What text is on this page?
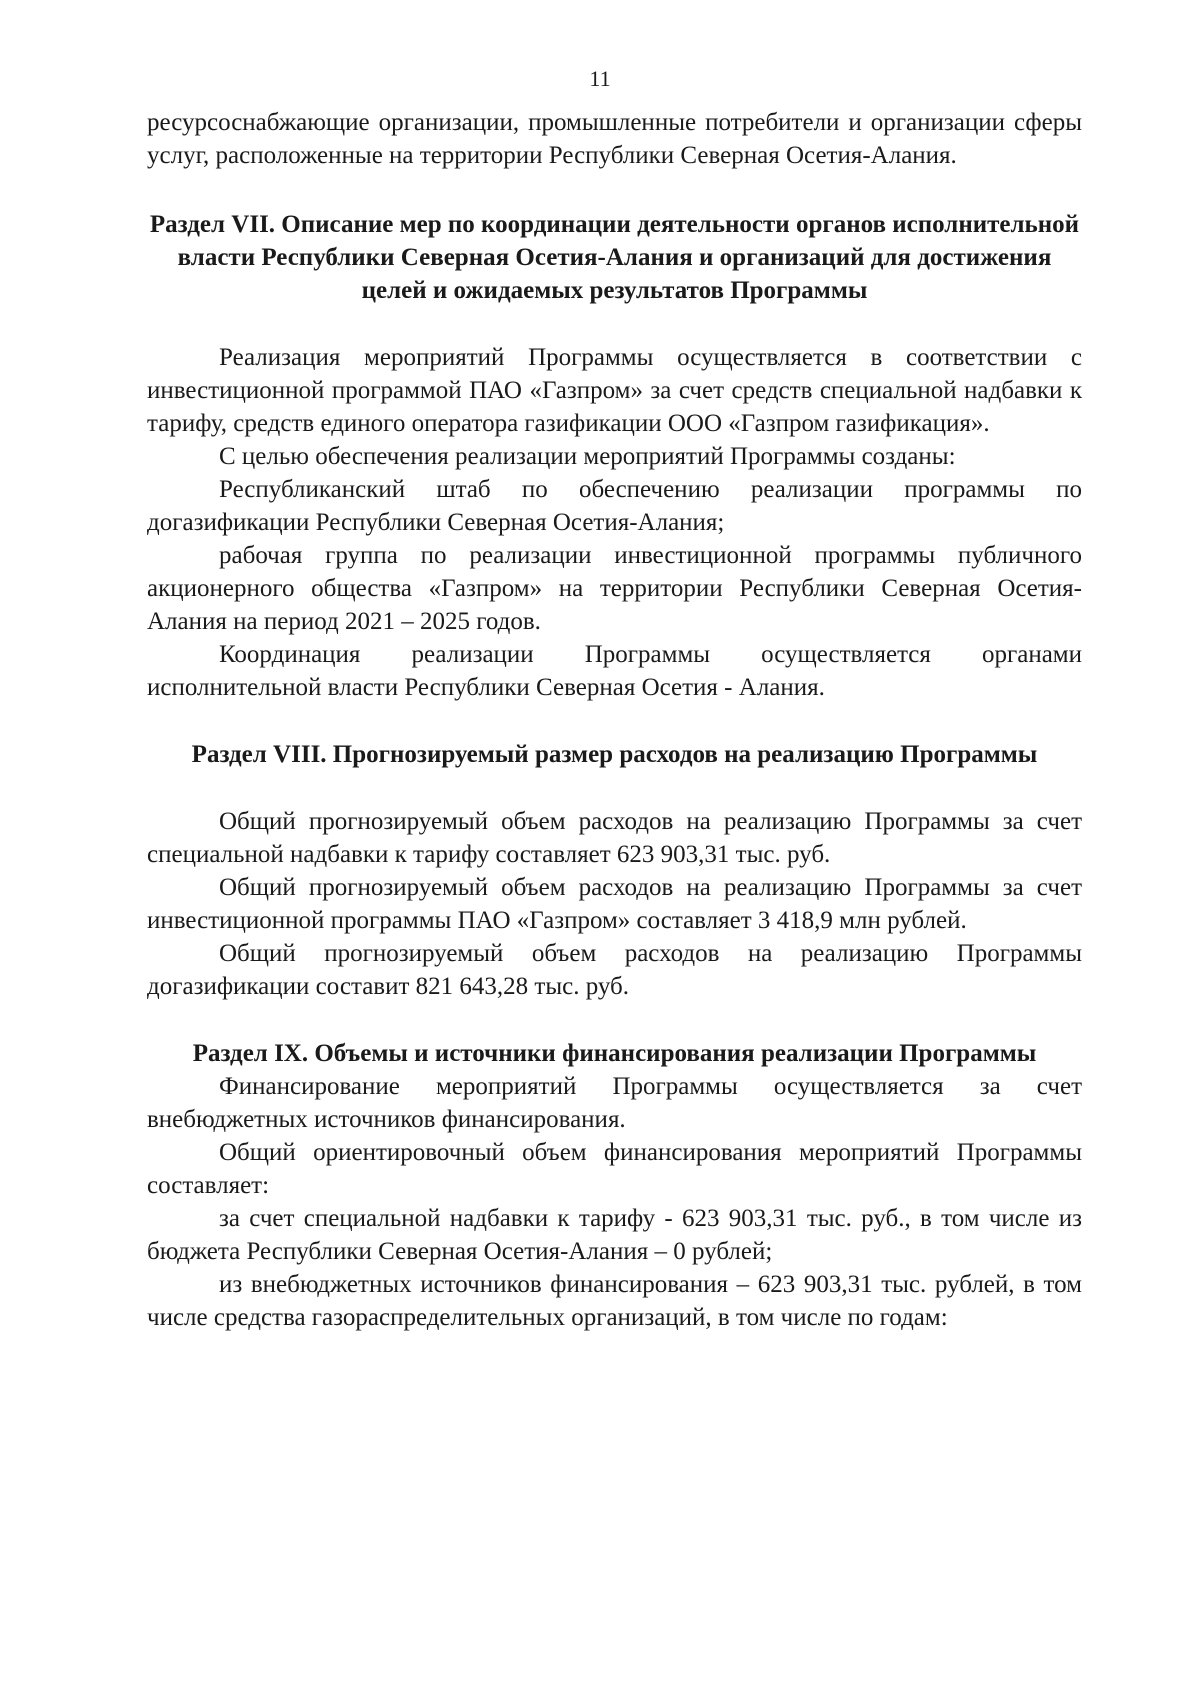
11

ресурсоснабжающие организации, промышленные потребители и организации сферы услуг, расположенные на территории Республики Северная Осетия-Алания.

Раздел VII. Описание мер по координации деятельности органов исполнительной власти Республики Северная Осетия-Алания и организаций для достижения целей и ожидаемых результатов Программы

Реализация мероприятий Программы осуществляется в соответствии с инвестиционной программой ПАО «Газпром» за счет средств специальной надбавки к тарифу, средств единого оператора газификации ООО «Газпром газификация».

С целью обеспечения реализации мероприятий Программы созданы:

Республиканский штаб по обеспечению реализации программы по догазификации Республики Северная Осетия-Алания;

рабочая группа по реализации инвестиционной программы публичного акционерного общества «Газпром» на территории Республики Северная Осетия-Алания на период 2021 – 2025 годов.

Координация реализации Программы осуществляется органами исполнительной власти Республики Северная Осетия - Алания.

Раздел VIII. Прогнозируемый размер расходов на реализацию Программы

Общий прогнозируемый объем расходов на реализацию Программы за счет специальной надбавки к тарифу составляет 623 903,31 тыс. руб.

Общий прогнозируемый объем расходов на реализацию Программы за счет инвестиционной программы ПАО «Газпром» составляет 3 418,9 млн рублей.

Общий прогнозируемый объем расходов на реализацию Программы догазификации составит 821 643,28 тыс. руб.

Раздел IX. Объемы и источники финансирования реализации Программы

Финансирование мероприятий Программы осуществляется за счет внебюджетных источников финансирования.

Общий ориентировочный объем финансирования мероприятий Программы составляет:

за счет специальной надбавки к тарифу - 623 903,31 тыс. руб., в том числе из бюджета Республики Северная Осетия-Алания – 0 рублей;

из внебюджетных источников финансирования – 623 903,31 тыс. рублей, в том числе средства газораспределительных организаций, в том числе по годам:
